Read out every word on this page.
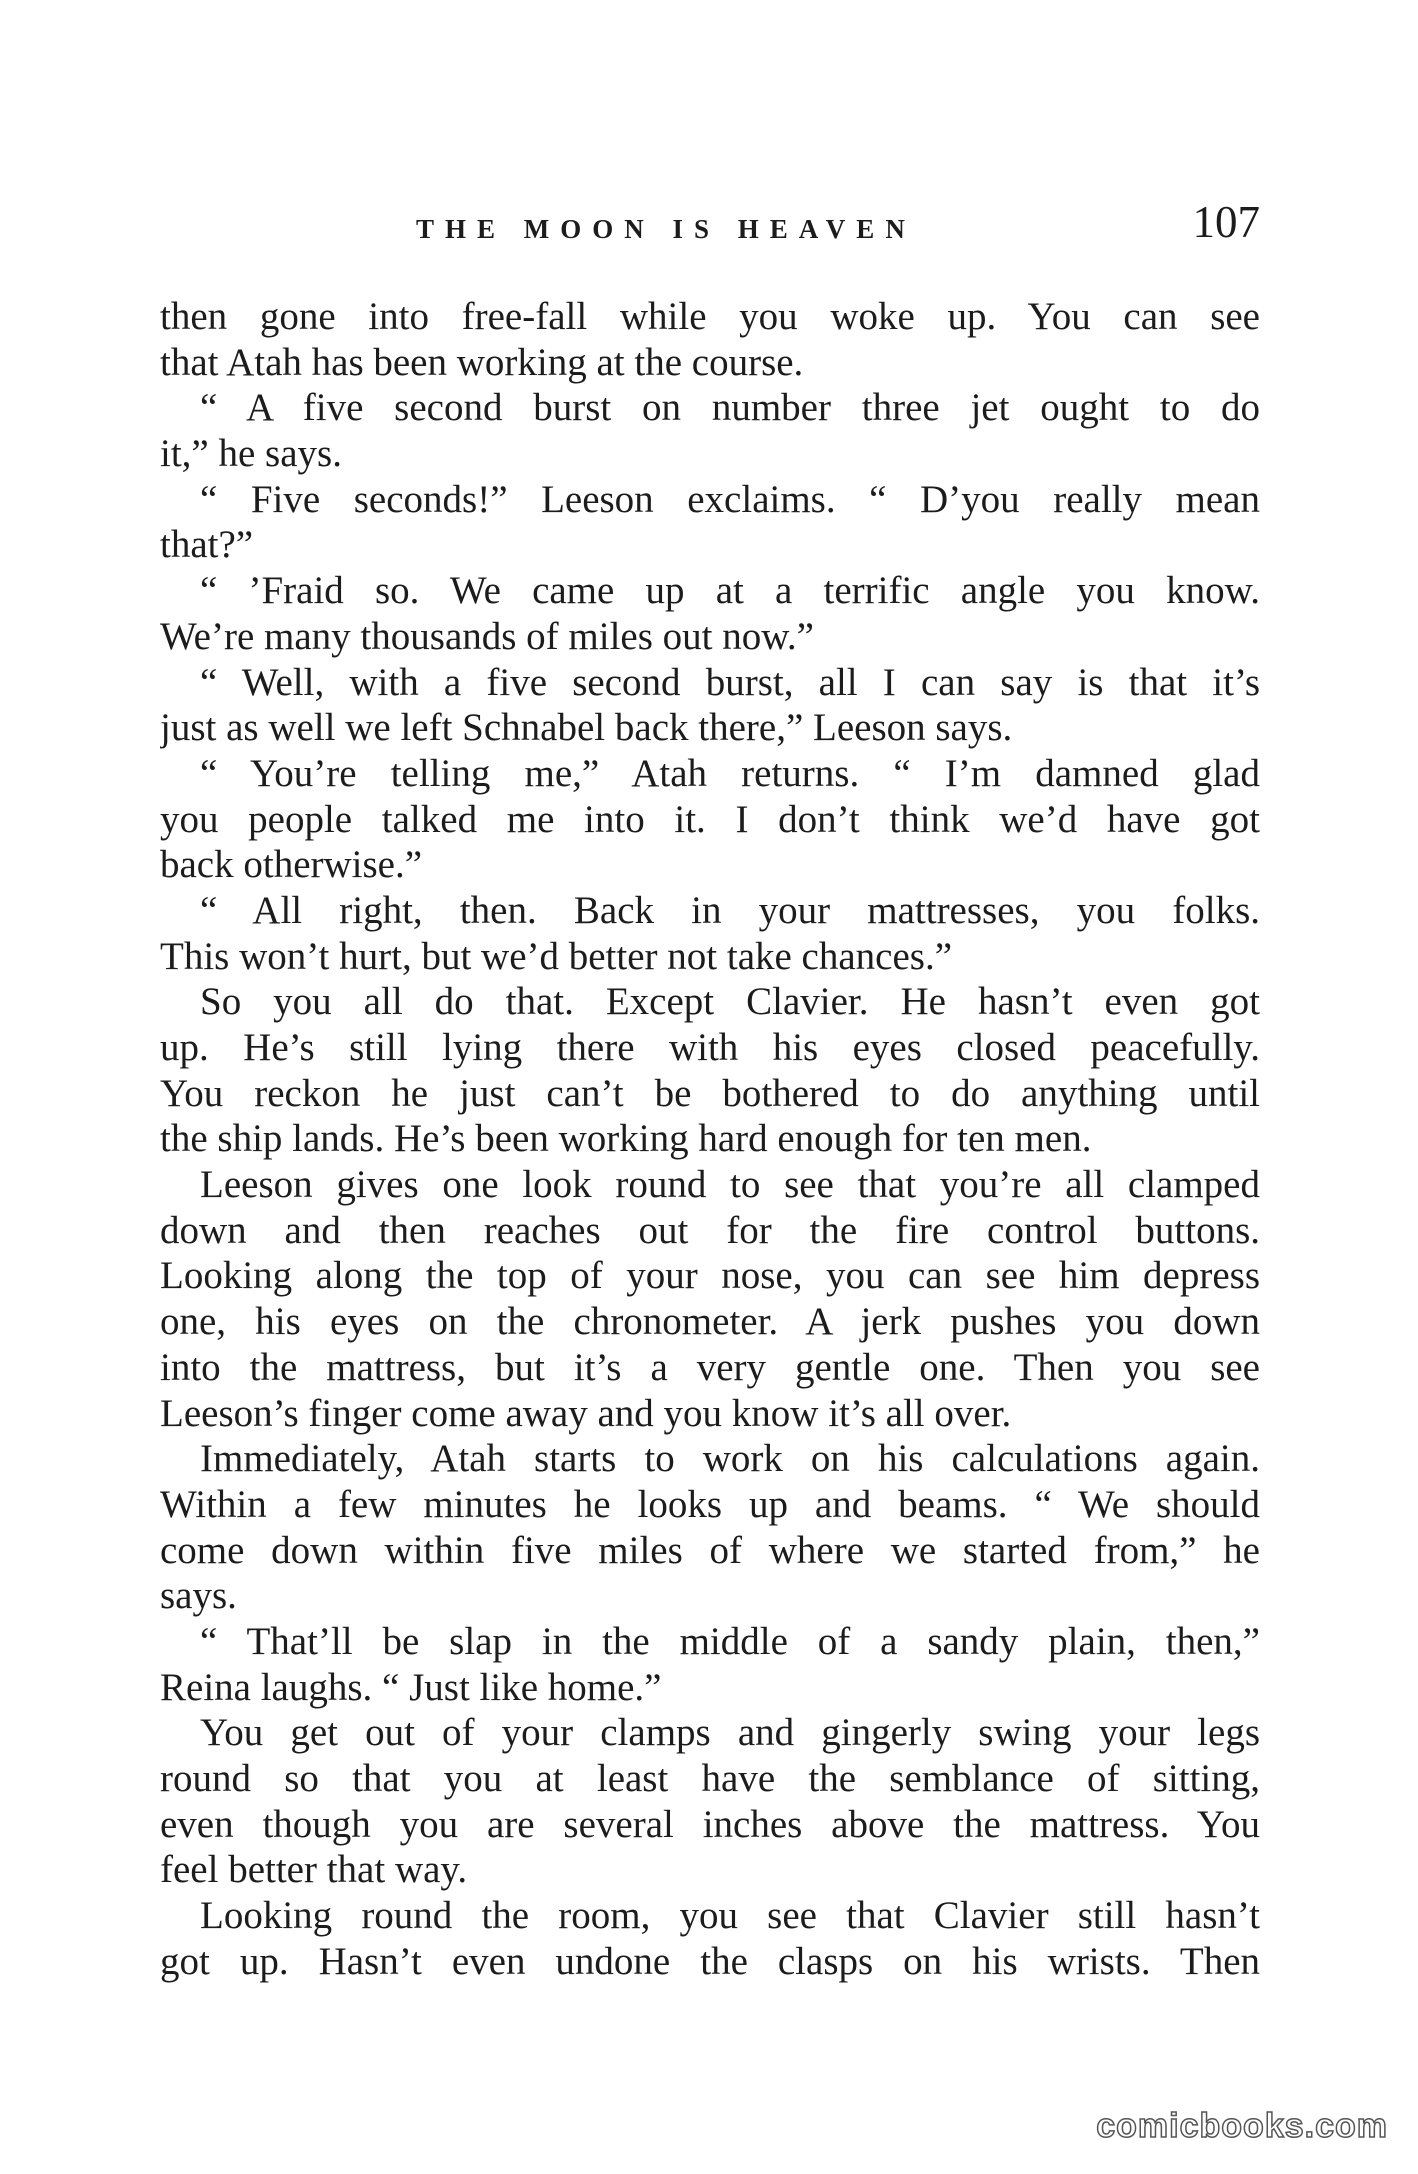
THE MOON IS HEAVEN	107
then gone into free-fall while you woke up. You can see
that Atah has been working at the course.
“ A five second burst on number three jet ought to do
it,” he says.
“ Five seconds!” Leeson exclaims. “ D’you really mean
that?”
“ ’Fraid so. We came up at a terrific angle you know.
We’re many thousands of miles out now.”
“ Well, with a five second burst, all I can say is that it’s
just as well we left Schnabel back there,” Leeson says.
“ You’re telling me,” Atah returns. “ I’m damned glad
you people talked me into it. I don’t think we’d have got
back otherwise.”
“ All right, then. Back in your mattresses, you folks.
This won’t hurt, but we’d better not take chances.”
So you all do that. Except Clavier. He hasn’t even got
up. He’s still lying there with his eyes closed peacefully.
You reckon he just can’t be bothered to do anything until
the ship lands. He’s been working hard enough for ten men.
Leeson gives one look round to see that you’re all clamped
down and then reaches out for the fire control buttons.
Looking along the top of your nose, you can see him depress
one, his eyes on the chronometer. A jerk pushes you down
into the mattress, but it’s a very gentle one. Then you see
Leeson’s finger come away and you know it’s all over.
Immediately, Atah starts to work on his calculations again.
Within a few minutes he looks up and beams. “ We should
come down within five miles of where we started from,” he
says.
“ That’ll be slap in the middle of a sandy plain, then,”
Reina laughs. “ Just like home.”
You get out of your clamps and gingerly swing your legs
round so that you at least have the semblance of sitting,
even though you are several inches above the mattress. You
feel better that way.
Looking round the room, you see that Clavier still hasn’t
got up. Hasn’t even undone the clasps on his wrists. Then
comicbooks.com
